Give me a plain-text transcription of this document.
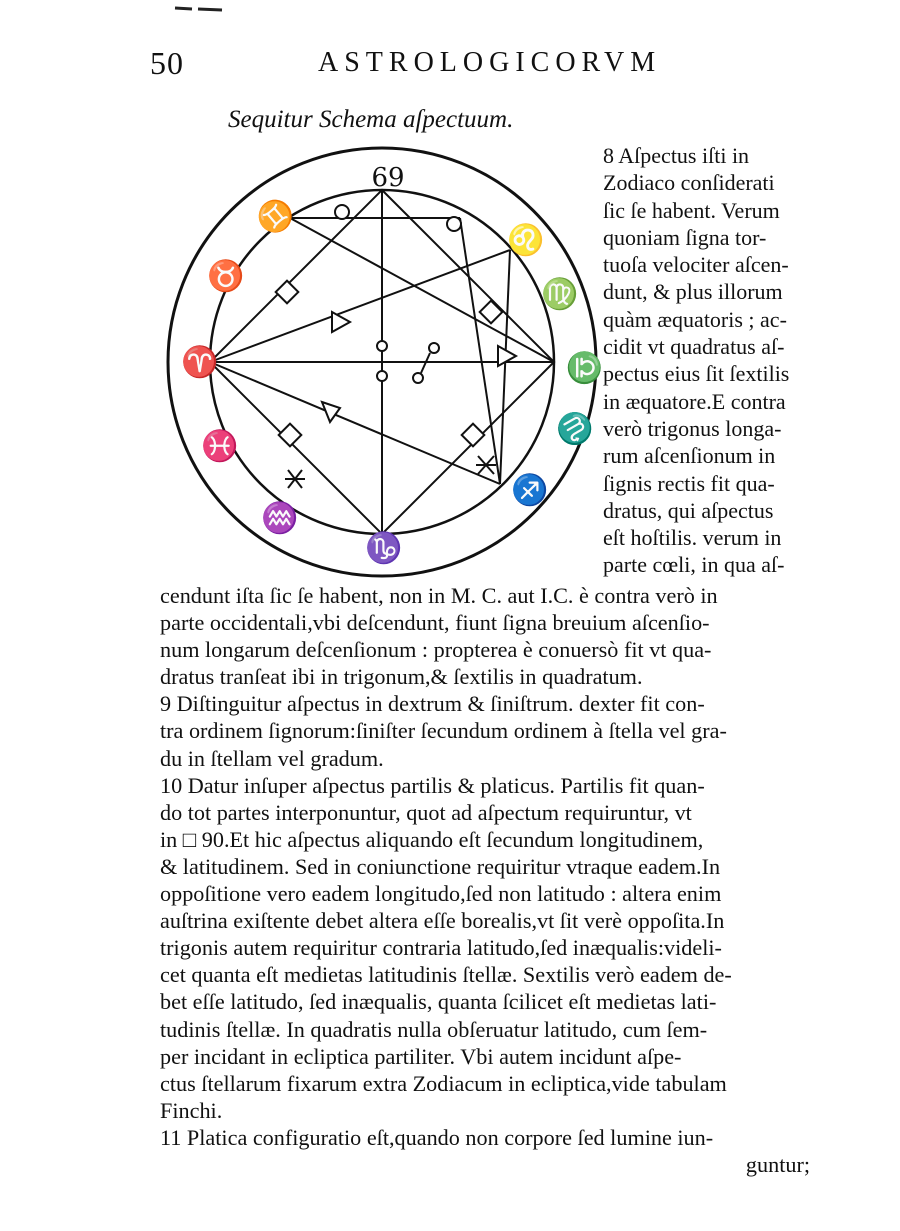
50	ASTROLOGICORVM
Sequitur Schema aſpectuum.
69
♊
♉
♈
♓
♒
♑
♐
♏
♎
♍
♌
8 Aſpectus iſti in
Zodiaco conſiderati
ſic ſe habent. Verum
quoniam ſigna tor-
tuoſa velociter aſcen-
dunt, & plus illorum
quàm æquatoris ; ac-
cidit vt quadratus aſ-
pectus eius ſit ſextilis
in æquatore.E contra
verò trigonus longa-
rum aſcenſionum in
ſignis rectis fit qua-
dratus, qui aſpectus
eſt hoſtilis. verum in
parte cœli, in qua aſ-
cendunt iſta ſic ſe habent, non in M. C. aut I.C. è contra verò in
parte occidentali,vbi deſcendunt, fiunt ſigna breuium aſcenſio-
num longarum deſcenſionum : propterea è conuersò fit vt qua-
dratus tranſeat ibi in trigonum,& ſextilis in quadratum.
9 Diſtinguitur aſpectus in dextrum & ſiniſtrum. dexter fit con-
tra ordinem ſignorum:ſiniſter ſecundum ordinem à ſtella vel gra-
du in ſtellam vel gradum.
10 Datur inſuper aſpectus partilis & platicus. Partilis fit quan-
do tot partes interponuntur, quot ad aſpectum requiruntur, vt
in □ 90.Et hic aſpectus aliquando eſt ſecundum longitudinem,
& latitudinem. Sed in coniunctione requiritur vtraque eadem.In
oppoſitione vero eadem longitudo,ſed non latitudo : altera enim
auſtrina exiſtente debet altera eſſe borealis,vt ſit verè oppoſita.In
trigonis autem requiritur contraria latitudo,ſed inæqualis:videli-
cet quanta eſt medietas latitudinis ſtellæ. Sextilis verò eadem de-
bet eſſe latitudo, ſed inæqualis, quanta ſcilicet eſt medietas lati-
tudinis ſtellæ. In quadratis nulla obſeruatur latitudo, cum ſem-
per incidant in ecliptica partiliter. Vbi autem incidunt aſpe-
ctus ſtellarum fixarum extra Zodiacum in ecliptica,vide tabulam
Finchi.
11 Platica configuratio eſt,quando non corpore ſed lumine iun-
guntur;
